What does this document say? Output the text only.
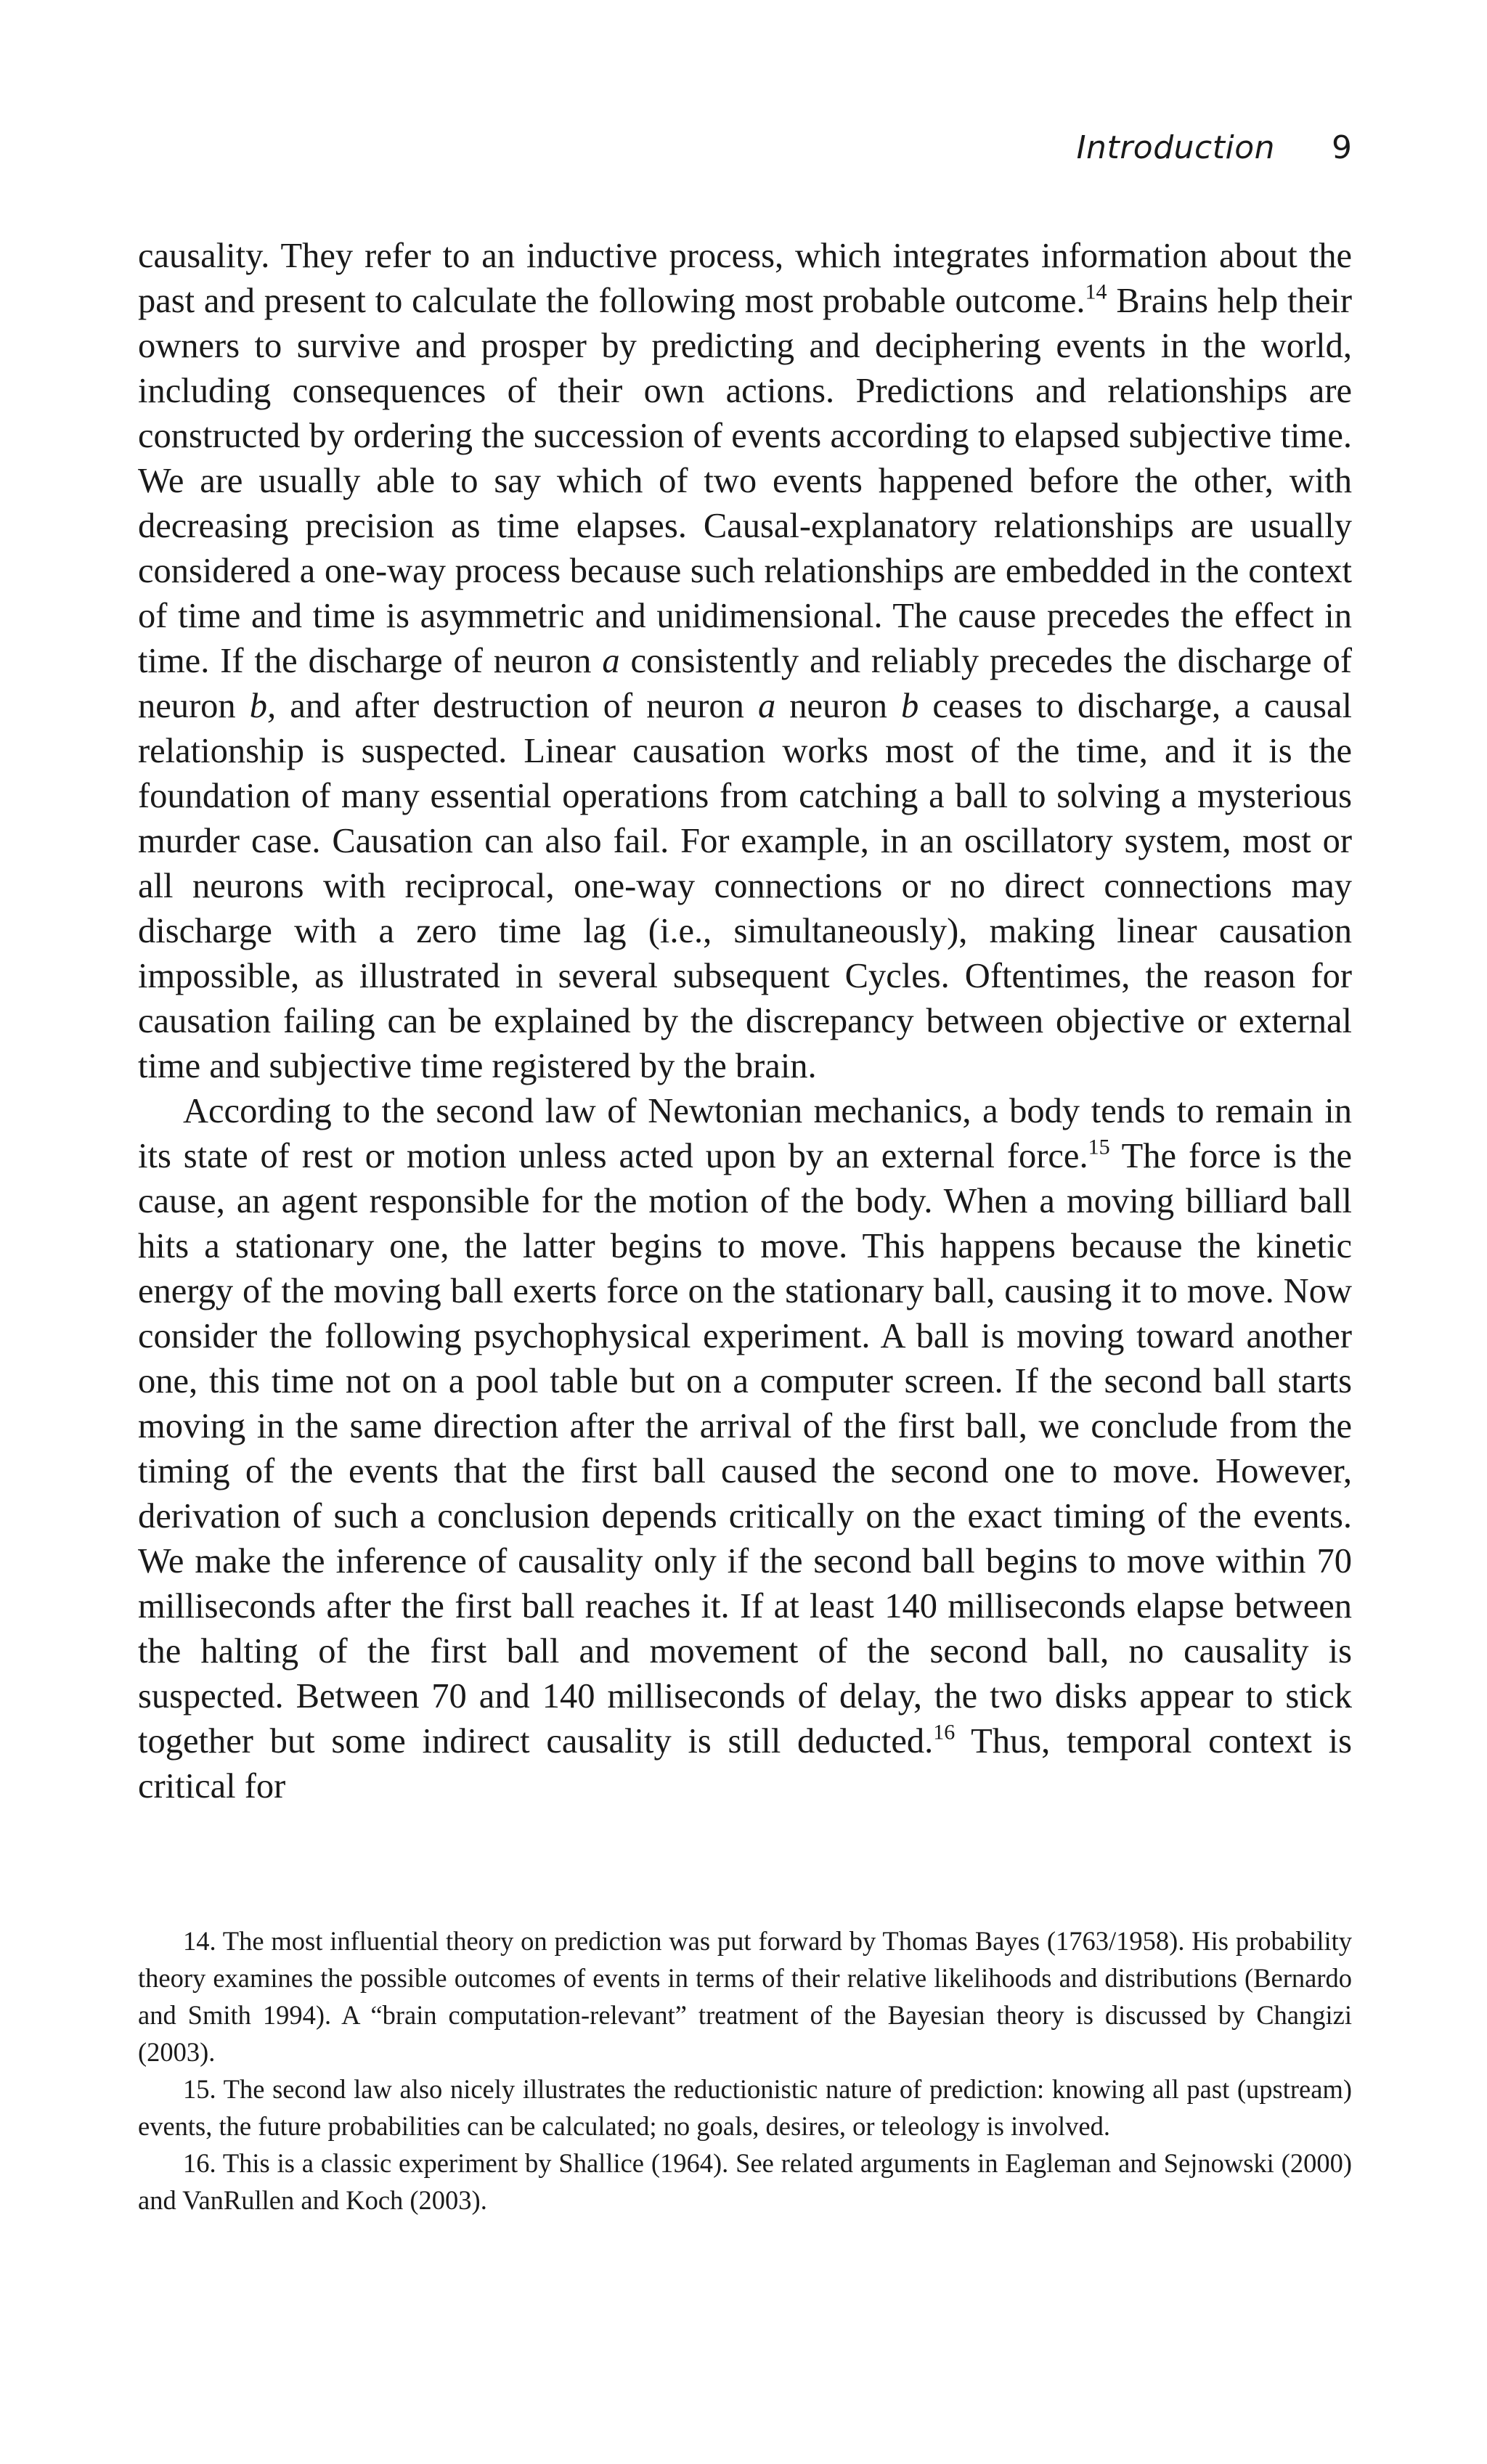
Introduction 9

causality. They refer to an inductive process, which integrates information about the past and present to calculate the following most probable outcome.$^{14}$ Brains help their owners to survive and prosper by predicting and deciphering events in the world, including consequences of their own actions. Predictions and relationships are constructed by ordering the succession of events according to elapsed subjective time. We are usually able to say which of two events happened before the other, with decreasing precision as time elapses. Causal-explanatory relationships are usually considered a one-way process because such relationships are embedded in the context of time and time is asymmetric and unidimensional. The cause precedes the effect in time. If the discharge of neuron a consistently and reliably precedes the discharge of neuron b, and after destruction of neuron a neuron b ceases to discharge, a causal relationship is suspected. Linear causation works most of the time, and it is the foundation of many essential operations from catching a ball to solving a mysterious murder case. Causation can also fail. For example, in an oscillatory system, most or all neurons with reciprocal, one-way connections or no direct connections may discharge with a zero time lag (i.e., simultaneously), making linear causation impossible, as illustrated in several subsequent Cycles. Oftentimes, the reason for causation failing can be explained by the discrepancy between objective or external time and subjective time registered by the brain.

According to the second law of Newtonian mechanics, a body tends to remain in its state of rest or motion unless acted upon by an external force.$^{15}$ The force is the cause, an agent responsible for the motion of the body. When a moving billiard ball hits a stationary one, the latter begins to move. This happens because the kinetic energy of the moving ball exerts force on the stationary ball, causing it to move. Now consider the following psychophysical experiment. A ball is moving toward another one, this time not on a pool table but on a computer screen. If the second ball starts moving in the same direction after the arrival of the first ball, we conclude from the timing of the events that the first ball caused the second one to move. However, derivation of such a conclusion depends critically on the exact timing of the events. We make the inference of causality only if the second ball begins to move within 70 milliseconds after the first ball reaches it. If at least 140 milliseconds elapse between the halting of the first ball and movement of the second ball, no causality is suspected. Between 70 and 140 milliseconds of delay, the two disks appear to stick together but some indirect causality is still deducted.$^{16}$ Thus, temporal context is critical for

14. The most influential theory on prediction was put forward by Thomas Bayes (1763/1958). His probability theory examines the possible outcomes of events in terms of their relative likelihoods and distributions (Bernardo and Smith 1994). A “brain computation-relevant” treatment of the Bayesian theory is discussed by Changizi (2003).

15. The second law also nicely illustrates the reductionistic nature of prediction: knowing all past (upstream) events, the future probabilities can be calculated; no goals, desires, or teleology is involved.

16. This is a classic experiment by Shallice (1964). See related arguments in Eagleman and Sejnowski (2000) and VanRullen and Koch (2003).
